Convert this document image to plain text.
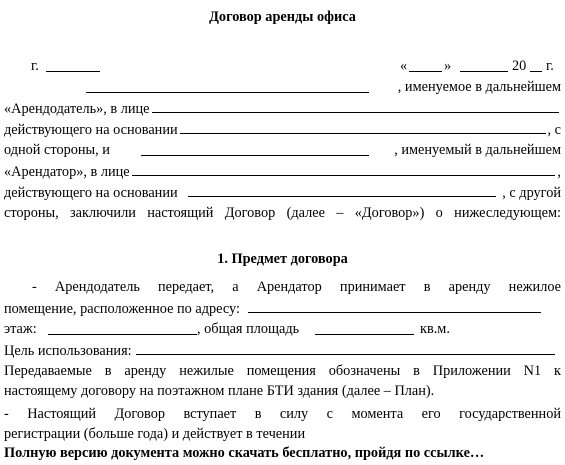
Договор аренды офиса
г.	«	»	20 г.
, именуемое в дальнейшем
«Арендодатель», в лице
действующего на основании	, с
одной стороны, и	, именуемый в дальнейшем
«Арендатор», в лице	,
действующего на основании	, с другой
стороны, заключили настоящий Договор (далее – «Договор») о нижеследующем:
1. Предмет договора
- Арендодатель передает, а Арендатор принимает в аренду нежилое
помещение, расположенное по адресу:
этаж:	, общая площадь	кв.м.
Цель использования:
Передаваемые в аренду нежилые помещения обозначены в Приложении N1 к
настоящему договору на поэтажном плане БТИ здания (далее – План).
- Настоящий Договор вступает в силу с момента его государственной
регистрации (больше года) и действует в течении
Полную версию документа можно скачать бесплатно, пройдя по ссылке…
